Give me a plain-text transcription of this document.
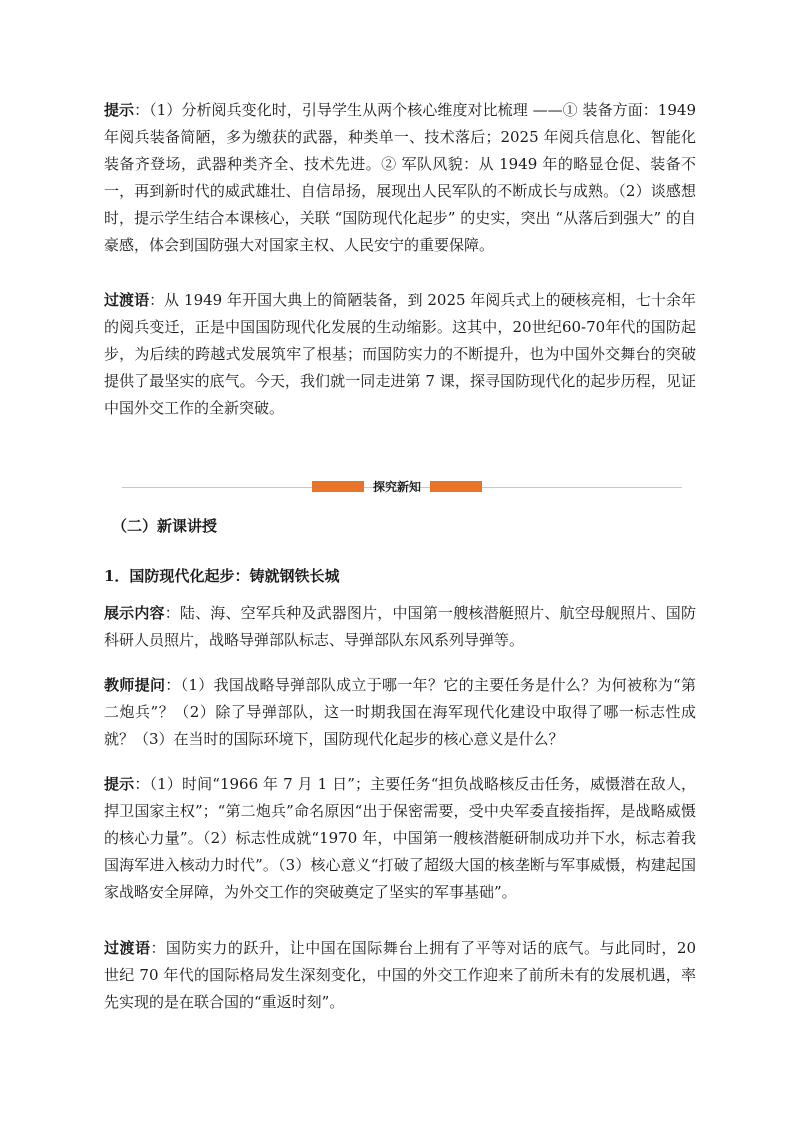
提示：（1）分析阅兵变化时，引导学生从两个核心维度对比梳理 ——① 装备方面：1949年阅兵装备简陋，多为缴获的武器，种类单一、技术落后；2025 年阅兵信息化、智能化装备齐登场，武器种类齐全、技术先进。② 军队风貌：从 1949 年的略显仓促、装备不一，再到新时代的威武雄壮、自信昂扬，展现出人民军队的不断成长与成熟。（2）谈感想时，提示学生结合本课核心，关联 “国防现代化起步” 的史实，突出 “从落后到强大” 的自豪感，体会到国防强大对国家主权、人民安宁的重要保障。

过渡语：从 1949 年开国大典上的简陋装备，到 2025 年阅兵式上的硬核亮相，七十余年的阅兵变迁，正是中国国防现代化发展的生动缩影。这其中，20世纪60-70年代的国防起步，为后续的跨越式发展筑牢了根基；而国防实力的不断提升，也为中国外交舞台的突破提供了最坚实的底气。今天，我们就一同走进第 7 课，探寻国防现代化的起步历程，见证中国外交工作的全新突破。

探究新知

（二）新课讲授

1．国防现代化起步：铸就钢铁长城

展示内容：陆、海、空军兵种及武器图片，中国第一艘核潜艇照片、航空母舰照片、国防科研人员照片，战略导弹部队标志、导弹部队东风系列导弹等。

教师提问：（1）我国战略导弹部队成立于哪一年？它的主要任务是什么？为何被称为“第二炮兵”？（2）除了导弹部队，这一时期我国在海军现代化建设中取得了哪一标志性成就？（3）在当时的国际环境下，国防现代化起步的核心意义是什么？

提示：（1）时间“1966 年 7 月 1 日”；主要任务“担负战略核反击任务，威慑潜在敌人，捍卫国家主权”；“第二炮兵”命名原因“出于保密需要，受中央军委直接指挥，是战略威慑的核心力量”。（2）标志性成就“1970 年，中国第一艘核潜艇研制成功并下水，标志着我国海军进入核动力时代”。（3）核心意义“打破了超级大国的核垄断与军事威慑，构建起国家战略安全屏障，为外交工作的突破奠定了坚实的军事基础”。

过渡语：国防实力的跃升，让中国在国际舞台上拥有了平等对话的底气。与此同时，20 世纪 70 年代的国际格局发生深刻变化，中国的外交工作迎来了前所未有的发展机遇，率先实现的是在联合国的“重返时刻”。
